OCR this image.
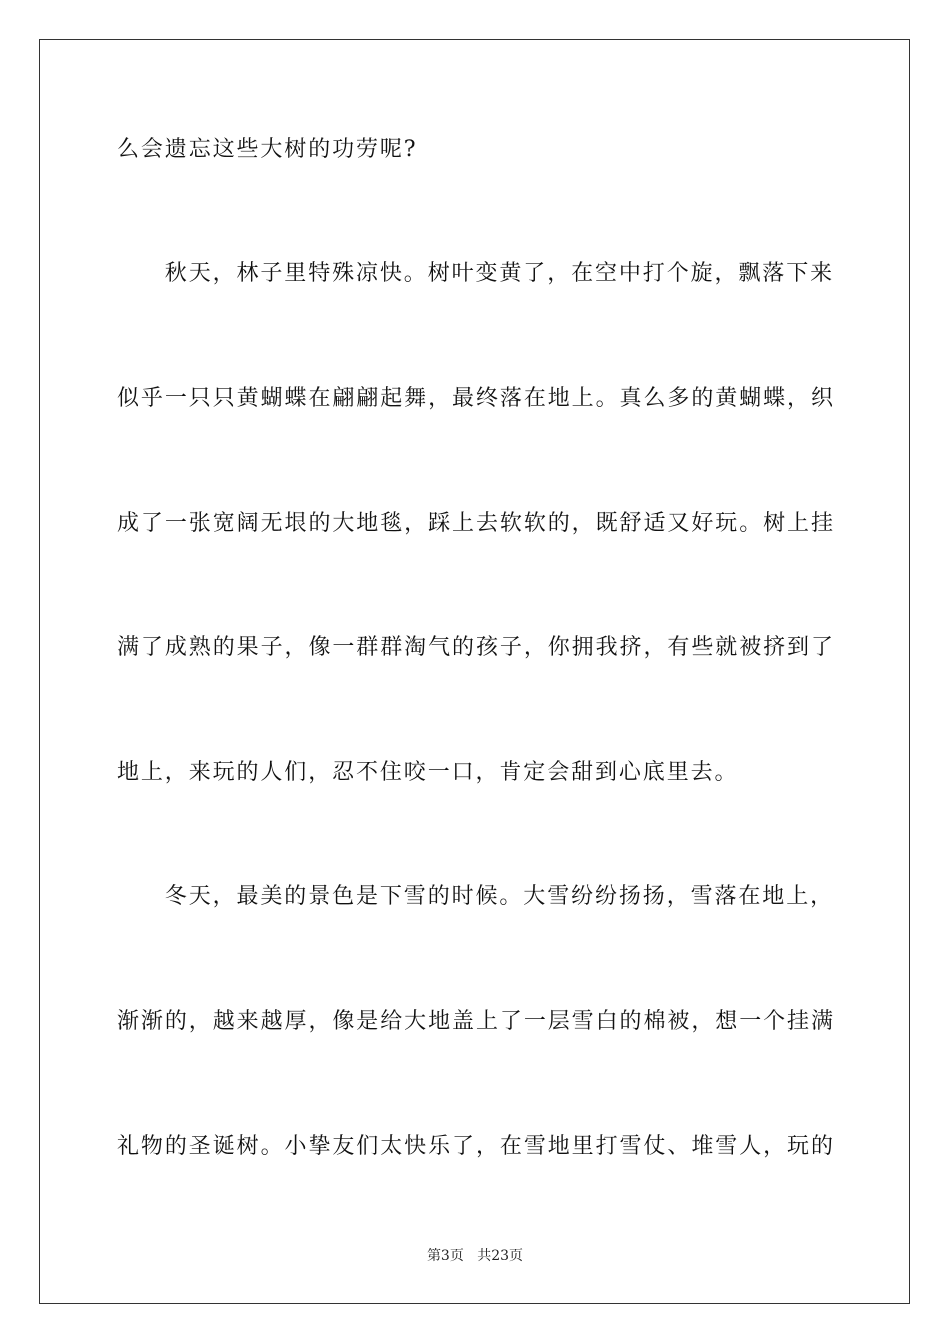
么会遗忘这些大树的功劳呢?
　　秋天，林子里特殊凉快。树叶变黄了，在空中打个旋，飘落下来
似乎一只只黄蝴蝶在翩翩起舞，最终落在地上。真么多的黄蝴蝶，织
成了一张宽阔无垠的大地毯，踩上去软软的，既舒适又好玩。树上挂
满了成熟的果子，像一群群淘气的孩子，你拥我挤，有些就被挤到了
地上，来玩的人们，忍不住咬一口，肯定会甜到心底里去。
　　冬天，最美的景色是下雪的时候。大雪纷纷扬扬，雪落在地上，
渐渐的，越来越厚，像是给大地盖上了一层雪白的棉被，想一个挂满
礼物的圣诞树。小挚友们太快乐了，在雪地里打雪仗、堆雪人，玩的
第3页 共23页
